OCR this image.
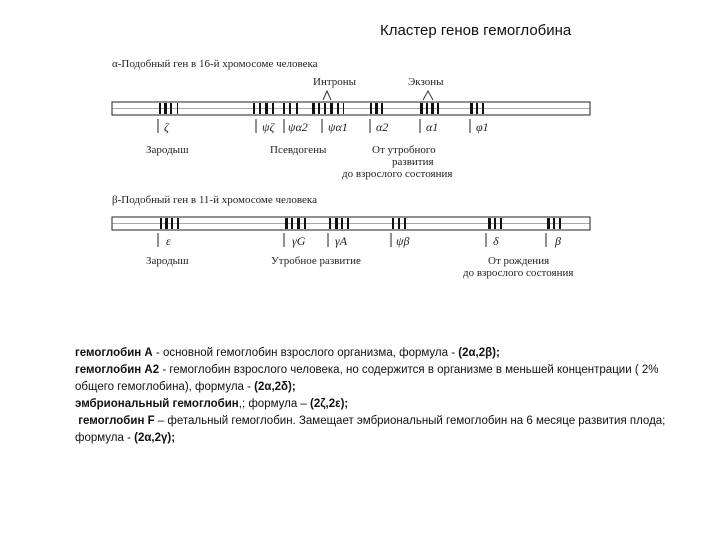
Кластер генов гемоглобина
α-Подобный ген в 16-й хромосоме человека
Интроны	Экзоны
ζ	ψζ ψα2 ψα1 α2	α1	φ1
Зародыш	Псевдогены	От утробного
развития
до взрослого состояния
β-Подобный ген в 11-й хромосоме человека
ε	γG γA	ψβ	δ	β
Зародыш	Утробное развитие	От рождения
до взрослого состояния

гемоглобин А - основной гемоглобин взрослого организма, формула - (2α,2β);

гемоглобин А2 - гемоглобин взрослого человека, но содержится в организме в меньшей концентрации ( 2% общего гемоглобина), формула - (2α,2δ);

эмбриональный гемоглобин,; формула – (2ζ,2ε);

гемоглобин F – фетальный гемоглобин. Замещает эмбриональный гемоглобин на 6 месяце развития плода; формула - (2α,2γ);
